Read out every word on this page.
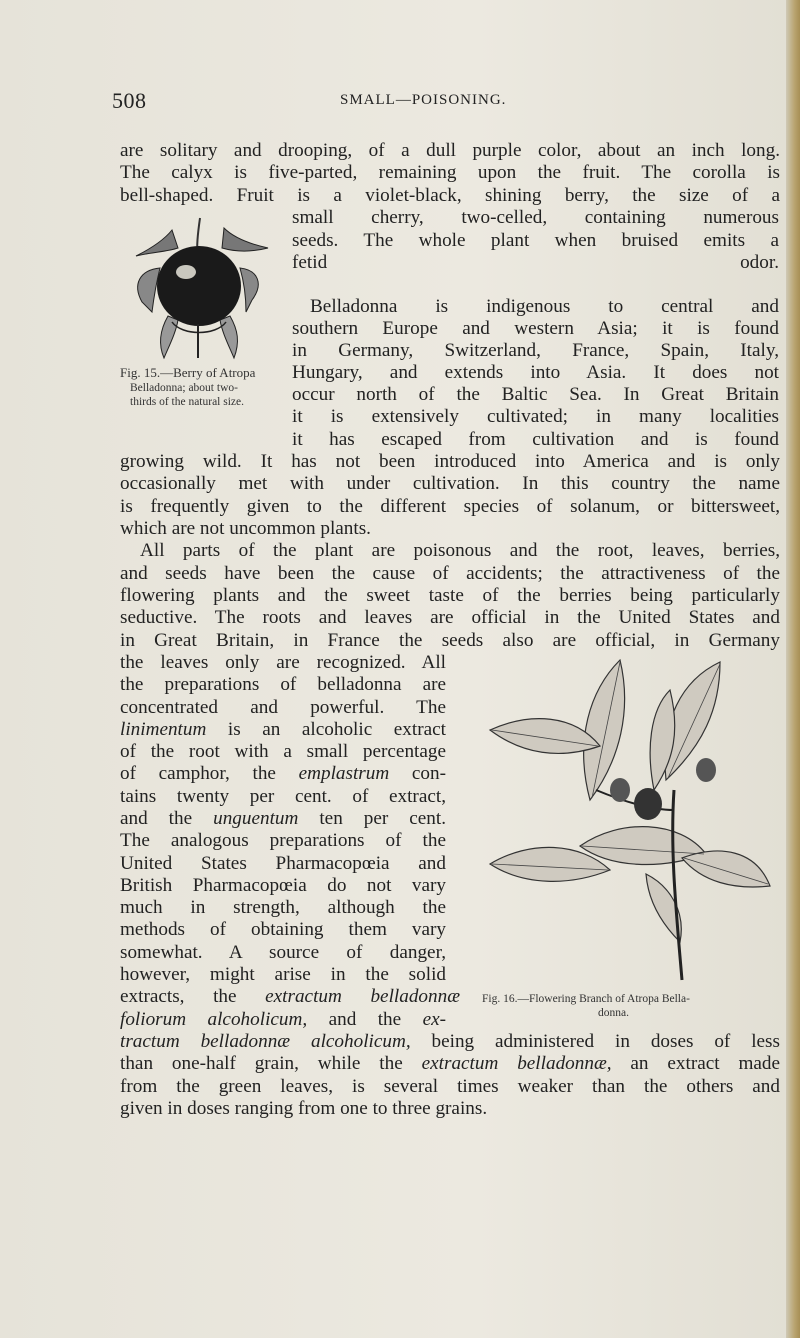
508	SMALL—POISONING.
are solitary and drooping, of a dull purple color, about an inch long.
The calyx is five-parted, remaining upon the fruit. The corolla is
bell-shaped. Fruit is a violet-black, shining berry, the size of a
Fig. 15.—Berry of Atropa
Belladonna; about two-
thirds of the natural size.
small cherry, two-celled, containing numerous
seeds. The whole plant when bruised emits a
fetid odor.
Belladonna is indigenous to central and
southern Europe and western Asia; it is found
in Germany, Switzerland, France, Spain, Italy,
Hungary, and extends into Asia. It does not
occur north of the Baltic Sea. In Great Britain
it is extensively cultivated; in many localities
it has escaped from cultivation and is found
growing wild. It has not been introduced into America and is only
occasionally met with under cultivation. In this country the name
is frequently given to the different species of solanum, or bittersweet,
which are not uncommon plants.
All parts of the plant are poisonous and the root, leaves, berries,
and seeds have been the cause of accidents; the attractiveness of the
flowering plants and the sweet taste of the berries being particularly
seductive. The roots and leaves are official in the United States and
in Great Britain, in France the seeds also are official, in Germany
the leaves only are recognized. All
the preparations of belladonna are
concentrated and powerful. The
linimentum is an alcoholic extract
of the root with a small percentage
of camphor, the emplastrum con-
tains twenty per cent. of extract,
and the unguentum ten per cent.
The analogous preparations of the
United States Pharmacopœia and
British Pharmacopœia do not vary
much in strength, although the
methods of obtaining them vary
somewhat. A source of danger,
however, might arise in the solid
extracts, the extractum belladonnæ
foliorum alcoholicum, and the ex-
Fig. 16.—Flowering Branch of Atropa Bella-
donna.
tractum belladonnæ alcoholicum, being administered in doses of less
than one-half grain, while the extractum belladonnæ, an extract made
from the green leaves, is several times weaker than the others and
given in doses ranging from one to three grains.
